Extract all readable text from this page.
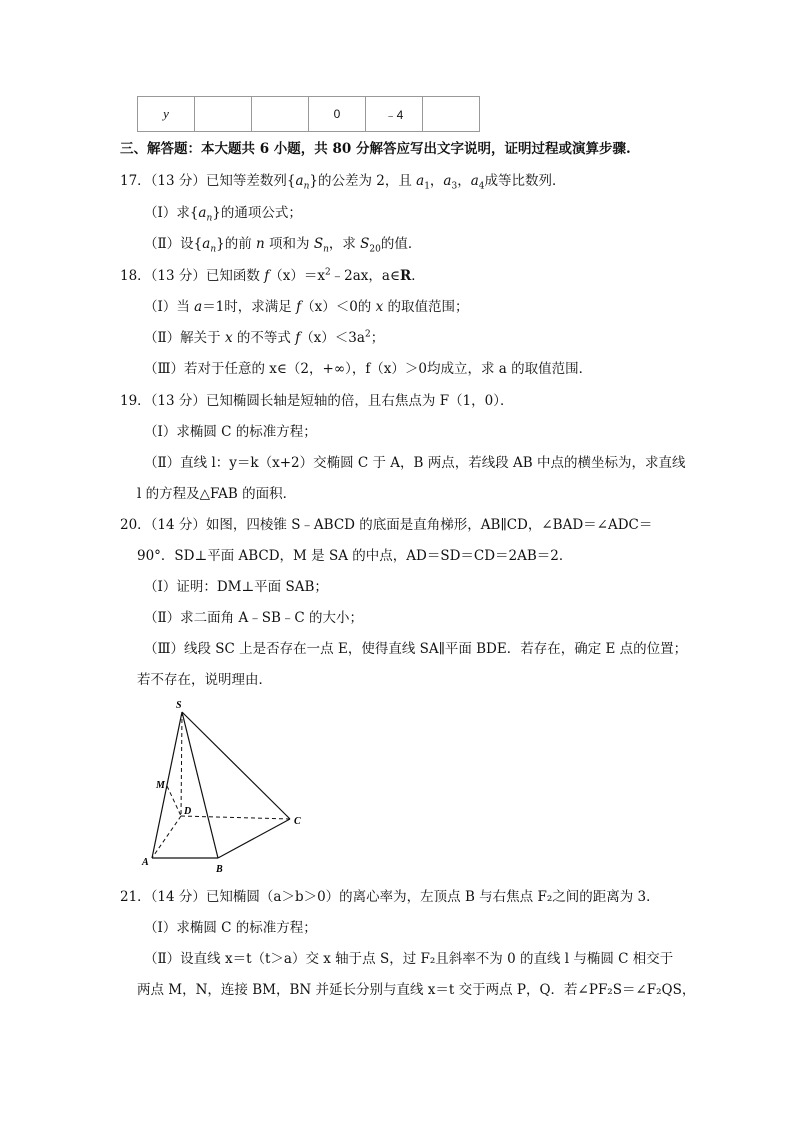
y			0	﹣4	
三、解答题：本大题共 6 小题，共 80 分解答应写出文字说明，证明过程或演算步骤.
17．（13 分）已知等差数列$\{a_n\}$的公差为 2，且 $a_1$，$a_3$，$a_4$成等比数列．
（Ⅰ）求$\{a_n\}$的通项公式；
（Ⅱ）设$\{a_n\}$的前 n 项和为 $S_n$，求 $S_{20}$的值．
18．（13 分）已知函数 $f(x)=x^2﹣2ax$，a∈R．
（Ⅰ）当 a＝1时，求满足 f（x）＜0的 x 的取值范围；
（Ⅱ）解关于 x 的不等式 $f(x)<3a^2$；
（Ⅲ）若对于任意的 x∈（2，+∞），f（x）＞0均成立，求 a 的取值范围．
19．（13 分）已知椭圆长轴是短轴的倍，且右焦点为 F（1，0）．
（Ⅰ）求椭圆 C 的标准方程；
（Ⅱ）直线 l：y＝k（x+2）交椭圆 C 于 A，B 两点，若线段 AB 中点的横坐标为，求直线
l 的方程及△FAB 的面积．
20．（14 分）如图，四棱锥 S﹣ABCD 的底面是直角梯形，AB∥CD，∠BAD＝∠ADC＝
90°．SD⊥平面 ABCD，M 是 SA 的中点，AD＝SD＝CD＝2AB＝2．
（Ⅰ）证明：DM⊥平面 SAB；
（Ⅱ）求二面角 A﹣SB﹣C 的大小；
（Ⅲ）线段 SC 上是否存在一点 E，使得直线 SA∥平面 BDE．若存在，确定 E 点的位置；
若不存在，说明理由．
S
M
D
C
A
B
21．（14 分）已知椭圆（a＞b＞0）的离心率为，左顶点 B 与右焦点 F₂之间的距离为 3．
（Ⅰ）求椭圆 C 的标准方程；
（Ⅱ）设直线 x＝t（t＞a）交 x 轴于点 S，过 F₂且斜率不为 0 的直线 l 与椭圆 C 相交于
两点 M，N，连接 BM，BN 并延长分别与直线 x＝t 交于两点 P，Q．若∠PF₂S＝∠F₂QS，
